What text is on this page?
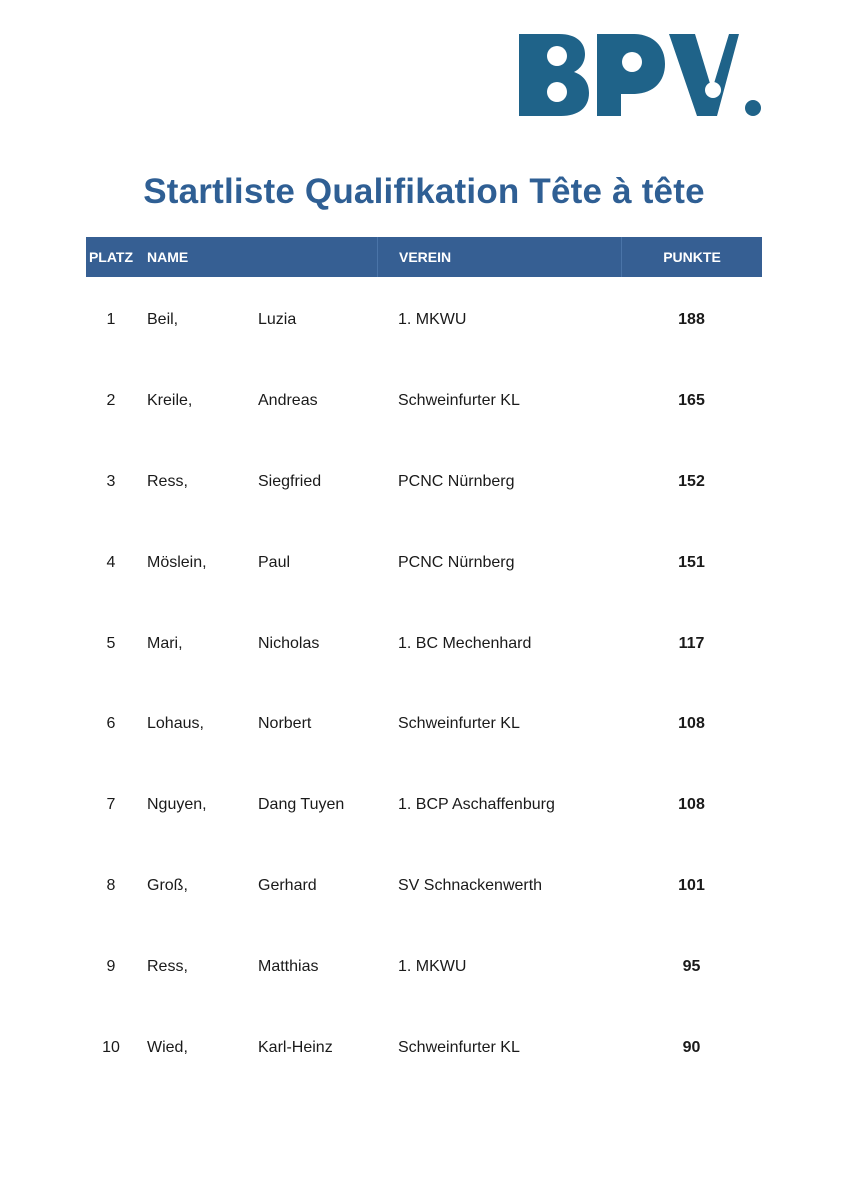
Startliste Qualifikation Tête à tête
PLATZ NAME	VEREIN	PUNKTE
1	Beil,	Luzia	1. MKWU	188
2	Kreile,	Andreas	Schweinfurter KL	165
3	Ress,	Siegfried	PCNC Nürnberg	152
4	Möslein,	Paul	PCNC Nürnberg	151
5	Mari,	Nicholas	1. BC Mechenhard	117
6	Lohaus,	Norbert	Schweinfurter KL	108
7	Nguyen,	Dang Tuyen	1. BCP Aschaffenburg	108
8	Groß,	Gerhard	SV Schnackenwerth	101
9	Ress,	Matthias	1. MKWU	95
10	Wied,	Karl-Heinz	Schweinfurter KL	90
